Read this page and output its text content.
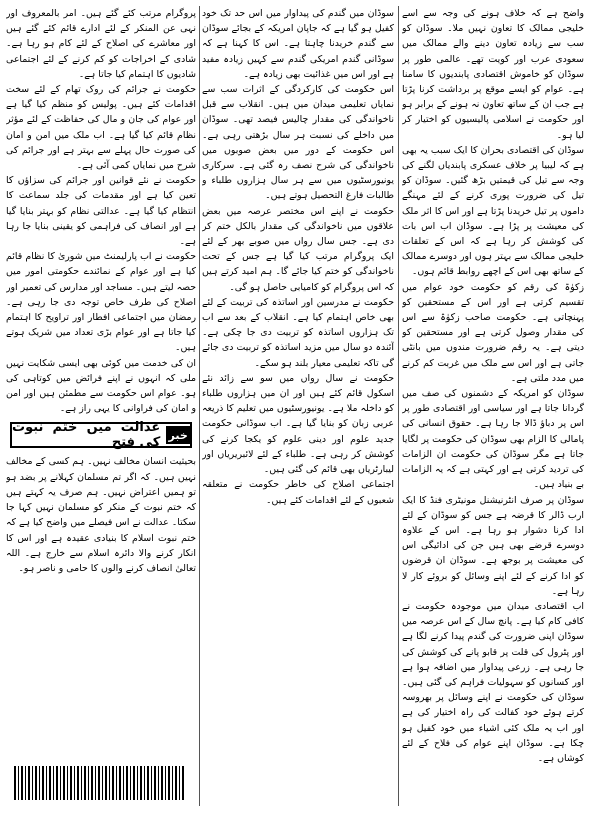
واضح ہے کہ خلاف ہونے کی وجہ سے اسے خلیجی ممالک کا تعاون نہیں ملا۔ سوڈان کو سب سے زیادہ تعاون دینے والے ممالک میں سعودی عرب اور کویت تھے۔ عالمی طور پر سوڈان کو خاموش اقتصادی پابندیوں کا سامنا ہے۔ عوام کو ایسے موقع پر برداشت کرنا پڑتا ہے جب ان کے ساتھ تعاون نہ ہونے کے برابر ہو اور حکومت نے اسلامی پالیسیوں کو اختیار کر لیا ہو۔

سوڈان کی اقتصادی بحران کا ایک سبب یہ بھی ہے کہ لیبیا پر خلاف عسکری پابندیاں لگنے کی وجہ سے تیل کی قیمتیں بڑھ گئیں۔ سوڈان کو تیل کی ضرورت پوری کرنے کے لئے مہنگے داموں پر تیل خریدنا پڑتا ہے اور اس کا اثر ملک کی معیشت پر پڑا ہے۔ سوڈان اب اس بات کی کوشش کر رہا ہے کہ اس کے تعلقات خلیجی ممالک سے بہتر ہوں اور دوسرے ممالک کے ساتھ بھی اس کے اچھے روابط قائم ہوں۔

زکوٰۃ کی رقم کو حکومت خود عوام میں تقسیم کرتی ہے اور اس کے مستحقین کو پہنچاتی ہے۔ حکومت صاحب زکوٰۃ سے اس کی مقدار وصول کرتی ہے اور مستحقین کو دیتی ہے۔ یہ رقم ضرورت مندوں میں بانٹی جاتی ہے اور اس سے ملک میں غربت کم کرنے میں مدد ملتی ہے۔

سوڈان کو امریکہ کے دشمنوں کی صف میں گردانا جاتا ہے اور سیاسی اور اقتصادی طور پر اس پر دباؤ ڈالا جا رہا ہے۔ حقوق انسانی کی پامالی کا الزام بھی سوڈان کی حکومت پر لگایا جاتا ہے مگر سوڈان کی حکومت ان الزامات کی تردید کرتی ہے اور کہتی ہے کہ یہ الزامات بے بنیاد ہیں۔

سوڈان پر صرف انٹرنیشنل مونیٹری فنڈ کا ایک ارب ڈالر کا قرضہ ہے جس کو سوڈان کے لئے ادا کرنا دشوار ہو رہا ہے۔ اس کے علاوہ دوسرے قرضے بھی ہیں جن کی ادائیگی اس کی معیشت پر بوجھ ہے۔ سوڈان ان قرضوں کو ادا کرنے کے لئے اپنے وسائل کو بروئے کار لا رہا ہے۔

اب اقتصادی میدان میں موجودہ حکومت نے کافی کام کیا ہے۔ پانچ سال کے اس عرصہ میں سوڈان اپنی ضرورت کی گندم پیدا کرنے لگا ہے اور پٹرول کی قلت پر قابو پانے کی کوشش کی جا رہی ہے۔ زرعی پیداوار میں اضافہ ہوا ہے اور کسانوں کو سہولیات فراہم کی گئی ہیں۔ سوڈان کی حکومت نے اپنے وسائل پر بھروسہ کرتے ہوئے خود کفالت کی راہ اختیار کی ہے اور اب یہ ملک کئی اشیاء میں خود کفیل ہو چکا ہے۔ سوڈان اپنے عوام کی فلاح کے لئے کوشاں ہے۔

سوڈان میں گندم کی پیداوار میں اس حد تک خود کفیل ہو گیا ہے کہ جاپان امریکہ کے بجائے سوڈان سے گندم خریدنا چاہتا ہے۔ اس کا کہنا ہے کہ سوڈانی گندم امریکی گندم سے کہیں زیادہ مفید ہے اور اس میں غذائیت بھی زیادہ ہے۔

اس حکومت کی کارکردگی کے اثرات سب سے نمایاں تعلیمی میدان میں ہیں۔ انقلاب سے قبل ناخواندگی کی مقدار چالیس فیصد تھی۔ سوڈان میں داخلے کی نسبت ہر سال بڑھتی رہی ہے۔ اس حکومت کے دور میں بعض صوبوں میں ناخواندگی کی شرح نصف رہ گئی ہے۔ سرکاری یونیورسٹیوں میں سے ہر سال ہزاروں طلباء و طالبات فارغ التحصیل ہوتے ہیں۔

حکومت نے اپنے اس مختصر عرصہ میں بعض علاقوں میں ناخواندگی کی مقدار بالکل ختم کر دی ہے۔ جس سال رواں میں صوبے بھر کے لئے ایک پروگرام مرتب کیا گیا ہے جس کے تحت ناخواندگی کو ختم کیا جائے گا۔ ہم امید کرتے ہیں کہ اس پروگرام کو کامیابی حاصل ہو گی۔

حکومت نے مدرسین اور اساتذہ کی تربیت کے لئے بھی خاص اہتمام کیا ہے۔ انقلاب کے بعد سے اب تک ہزاروں اساتذہ کو تربیت دی جا چکی ہے۔ آئندہ دو سال میں مزید اساتذہ کو تربیت دی جائے گی تاکہ تعلیمی معیار بلند ہو سکے۔

حکومت نے سال رواں میں سو سے زائد نئے اسکول قائم کئے ہیں اور ان میں ہزاروں طلباء کو داخلہ ملا ہے۔ یونیورسٹیوں میں تعلیم کا ذریعہ عربی زبان کو بنایا گیا ہے۔ اب سوڈانی حکومت جدید علوم اور دینی علوم کو یکجا کرنے کی کوشش کر رہی ہے۔ طلباء کے لئے لائبریریاں اور لیبارٹریاں بھی قائم کی گئی ہیں۔

اجتماعی اصلاح کی خاطر حکومت نے متعلقہ شعبوں کے لئے اقدامات کئے ہیں۔

پروگرام مرتب کئے گئے ہیں۔ امر بالمعروف اور نہی عن المنکر کے لئے ادارے قائم کئے گئے ہیں اور معاشرے کی اصلاح کے لئے کام ہو رہا ہے۔ شادی کے اخراجات کو کم کرنے کے لئے اجتماعی شادیوں کا اہتمام کیا جاتا ہے۔

حکومت نے جرائم کی روک تھام کے لئے سخت اقدامات کئے ہیں۔ پولیس کو منظم کیا گیا ہے اور عوام کی جان و مال کی حفاظت کے لئے مؤثر نظام قائم کیا گیا ہے۔ اب ملک میں امن و امان کی صورت حال پہلے سے بہتر ہے اور جرائم کی شرح میں نمایاں کمی آئی ہے۔

حکومت نے نئے قوانین اور جرائم کی سزاؤں کا تعین کیا ہے اور مقدمات کی جلد سماعت کا انتظام کیا گیا ہے۔ عدالتی نظام کو بہتر بنایا گیا ہے اور انصاف کی فراہمی کو یقینی بنایا جا رہا ہے۔

حکومت نے اب پارلیمنٹ میں شوریٰ کا نظام قائم کیا ہے اور عوام کے نمائندے حکومتی امور میں حصہ لیتے ہیں۔ مساجد اور مدارس کی تعمیر اور اصلاح کی طرف خاص توجہ دی جا رہی ہے۔ رمضان میں اجتماعی افطار اور تراویح کا اہتمام کیا جاتا ہے اور عوام بڑی تعداد میں شریک ہوتے ہیں۔

ان کی خدمت میں کوئی بھی ایسی شکایت نہیں ملی کہ انہوں نے اپنے فرائض میں کوتاہی کی ہو۔ عوام اس حکومت سے مطمئن ہیں اور امن و امان کی فراوانی کا یہی راز ہے۔

خبر
عدالت میں ختم نبوت کی فتح

بحیثیت انسان مخالف نہیں۔ ہم کسی کے مخالف نہیں ہیں۔ کہ اگر تم مسلمان کہلانے پر بضد ہو تو ہمیں اعتراض نہیں۔ ہم صرف یہ کہتے ہیں کہ ختم نبوت کے منکر کو مسلمان نہیں کہا جا سکتا۔ عدالت نے اس فیصلے میں واضح کیا ہے کہ ختم نبوت اسلام کا بنیادی عقیدہ ہے اور اس کا انکار کرنے والا دائرہ اسلام سے خارج ہے۔ اللہ تعالیٰ انصاف کرنے والوں کا حامی و ناصر ہو۔
